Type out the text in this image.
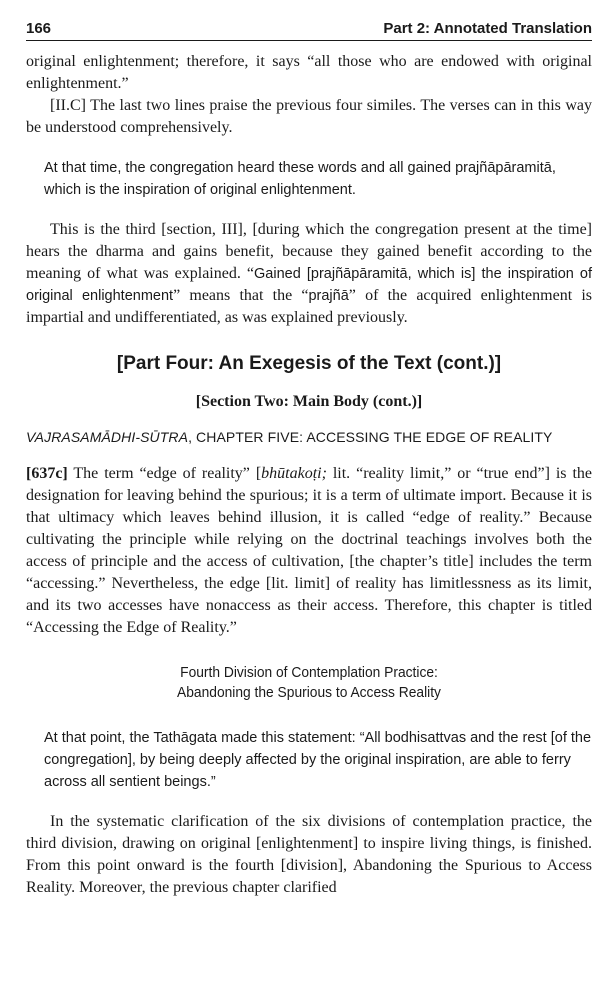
166	Part 2: Annotated Translation

original enlightenment; therefore, it says “all those who are endowed with original enlightenment.”

[II.C] The last two lines praise the previous four similes. The verses can in this way be understood comprehensively.

At that time, the congregation heard these words and all gained prajñāpāramitā, which is the inspiration of original enlightenment.

This is the third [section, III], [during which the congregation present at the time] hears the dharma and gains benefit, because they gained benefit according to the meaning of what was explained. “Gained [prajñāpāramitā, which is] the inspiration of original enlightenment” means that the “prajñā” of the acquired enlightenment is impartial and undifferentiated, as was explained previously.

[Part Four: An Exegesis of the Text (cont.)]
[Section Two: Main Body (cont.)]

VAJRASAMĀDHI-SŪTRA, CHAPTER FIVE: ACCESSING THE EDGE OF REALITY

[637c] The term “edge of reality” [bhūtakoṭi; lit. “reality limit,” or “true end”] is the designation for leaving behind the spurious; it is a term of ultimate import. Because it is that ultimacy which leaves behind illusion, it is called “edge of reality.” Because cultivating the principle while relying on the doctrinal teachings involves both the access of principle and the access of cultivation, [the chapter’s title] includes the term “accessing.” Nevertheless, the edge [lit. limit] of reality has limitlessness as its limit, and its two accesses have nonaccess as their access. Therefore, this chapter is titled “Accessing the Edge of Reality.”

Fourth Division of Contemplation Practice:
Abandoning the Spurious to Access Reality

At that point, the Tathāgata made this statement: “All bodhisattvas and the rest [of the congregation], by being deeply affected by the original inspiration, are able to ferry across all sentient beings.”

In the systematic clarification of the six divisions of contemplation practice, the third division, drawing on original [enlightenment] to inspire living things, is finished. From this point onward is the fourth [division], Abandoning the Spurious to Access Reality. Moreover, the previous chapter clarified
